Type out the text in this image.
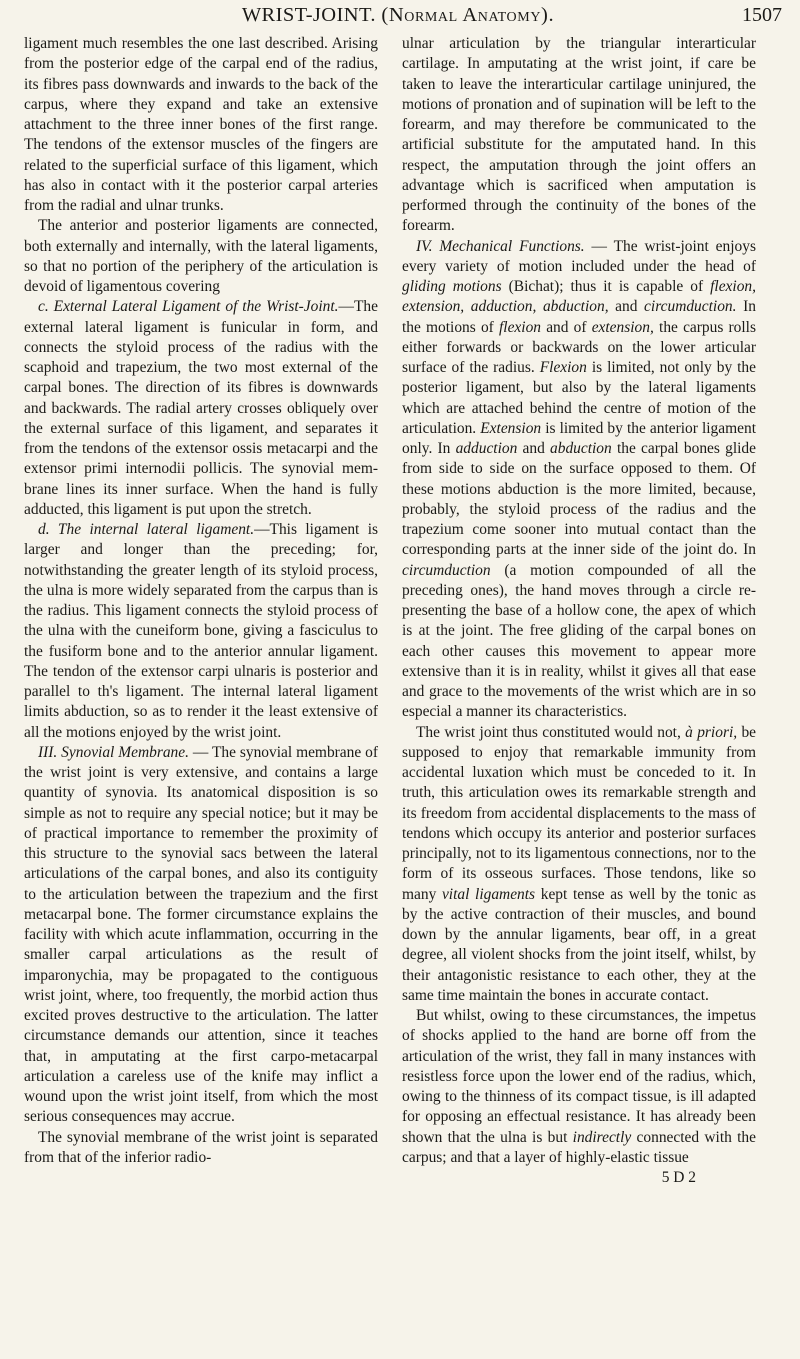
WRIST-JOINT. (Normal Anatomy).	1507

ligament much resembles the one last described. Arising from the posterior edge of the carpal end of the radius, its fibres pass downwards and inwards to the back of the carpus, where they expand and take an extensive attachment to the three inner bones of the first range. The tendons of the extensor muscles of the fingers are related to the superficial surface of this ligament, which has also in contact with it the posterior carpal arteries from the radial and ulnar trunks.

The anterior and posterior ligaments are connected, both externally and internally, with the lateral ligaments, so that no portion of the periphery of the articulation is devoid of ligamentous covering

c. External Lateral Ligament of the Wrist-Joint.—The external lateral ligament is funicular in form, and connects the styloid process of the radius with the scaphoid and trapezium, the two most external of the carpal bones. The direction of its fibres is downwards and backwards. The radial artery crosses obliquely over the external surface of this ligament, and separates it from the tendons of the extensor ossis metacarpi and the extensor primi internodii pollicis. The synovial membrane lines its inner surface. When the hand is fully adducted, this ligament is put upon the stretch.

d. The internal lateral ligament.—This ligament is larger and longer than the preceding; for, notwithstanding the greater length of its styloid process, the ulna is more widely separated from the carpus than is the radius. This ligament connects the styloid process of the ulna with the cuneiform bone, giving a fasciculus to the fusiform bone and to the anterior annular ligament. The tendon of the extensor carpi ulnaris is posterior and parallel to th's ligament. The internal lateral ligament limits abduction, so as to render it the least extensive of all the motions enjoyed by the wrist joint.

III. Synovial Membrane. — The synovial membrane of the wrist joint is very extensive, and contains a large quantity of synovia. Its anatomical disposition is so simple as not to require any special notice; but it may be of practical importance to remember the proximity of this structure to the synovial sacs between the lateral articulations of the carpal bones, and also its contiguity to the articulation between the trapezium and the first metacarpal bone. The former circumstance explains the facility with which acute inflammation, occurring in the smaller carpal articulations as the result of imparonychia, may be propagated to the contiguous wrist joint, where, too frequently, the morbid action thus excited proves destructive to the articulation. The latter circumstance demands our attention, since it teaches that, in amputating at the first carpo-metacarpal articulation a careless use of the knife may inflict a wound upon the wrist joint itself, from which the most serious consequences may accrue.

The synovial membrane of the wrist joint is separated from that of the inferior radio-

ulnar articulation by the triangular interarticular cartilage. In amputating at the wrist joint, if care be taken to leave the interarticular cartilage uninjured, the motions of pronation and of supination will be left to the forearm, and may therefore be communicated to the artificial substitute for the amputated hand. In this respect, the amputation through the joint offers an advantage which is sacrificed when amputation is performed through the continuity of the bones of the forearm.

IV. Mechanical Functions. — The wrist-joint enjoys every variety of motion included under the head of gliding motions (Bichat); thus it is capable of flexion, extension, adduction, abduction, and circumduction. In the motions of flexion and of extension, the carpus rolls either forwards or backwards on the lower articular surface of the radius. Flexion is limited, not only by the posterior ligament, but also by the lateral ligaments which are attached behind the centre of motion of the articulation. Extension is limited by the anterior ligament only. In adduction and abduction the carpal bones glide from side to side on the surface opposed to them. Of these motions abduction is the more limited, because, probably, the styloid process of the radius and the trapezium come sooner into mutual contact than the corresponding parts at the inner side of the joint do. In circumduction (a motion compounded of all the preceding ones), the hand moves through a circle representing the base of a hollow cone, the apex of which is at the joint. The free gliding of the carpal bones on each other causes this movement to appear more extensive than it is in reality, whilst it gives all that ease and grace to the movements of the wrist which are in so especial a manner its characteristics.

The wrist joint thus constituted would not, à priori, be supposed to enjoy that remarkable immunity from accidental luxation which must be conceded to it. In truth, this articulation owes its remarkable strength and its freedom from accidental displacements to the mass of tendons which occupy its anterior and posterior surfaces principally, not to its ligamentous connections, nor to the form of its osseous surfaces. Those tendons, like so many vital ligaments kept tense as well by the tonic as by the active contraction of their muscles, and bound down by the annular ligaments, bear off, in a great degree, all violent shocks from the joint itself, whilst, by their antagonistic resistance to each other, they at the same time maintain the bones in accurate contact.

But whilst, owing to these circumstances, the impetus of shocks applied to the hand are borne off from the articulation of the wrist, they fall in many instances with resistless force upon the lower end of the radius, which, owing to the thinness of its compact tissue, is ill adapted for opposing an effectual resistance. It has already been shown that the ulna is but indirectly connected with the carpus; and that a layer of highly-elastic tissue

5 D 2
